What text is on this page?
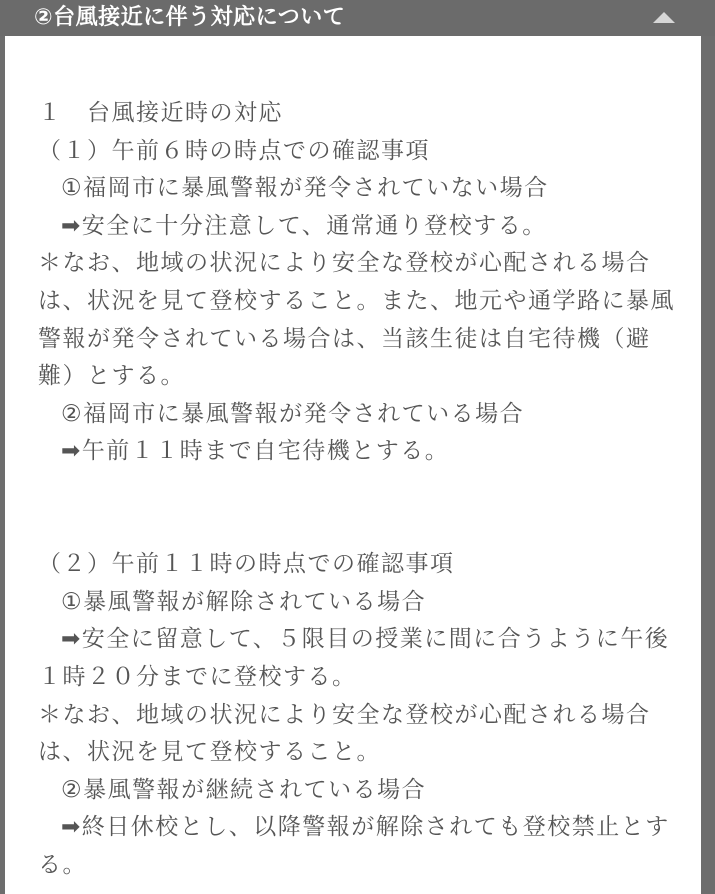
②台風接近に伴う対応について

１　台風接近時の対応

（１）午前６時の時点での確認事項

①福岡市に暴風警報が発令されていない場合

➡安全に十分注意して、通常通り登校する。

＊なお、地域の状況により安全な登校が心配される場合は、状況を見て登校すること。また、地元や通学路に暴風警報が発令されている場合は、当該生徒は自宅待機（避難）とする。

②福岡市に暴風警報が発令されている場合

➡午前１１時まで自宅待機とする。

（２）午前１１時の時点での確認事項

①暴風警報が解除されている場合

➡安全に留意して、５限目の授業に間に合うように午後１時２０分までに登校する。

＊なお、地域の状況により安全な登校が心配される場合は、状況を見て登校すること。

②暴風警報が継続されている場合

➡終日休校とし、以降警報が解除されても登校禁止とする。
